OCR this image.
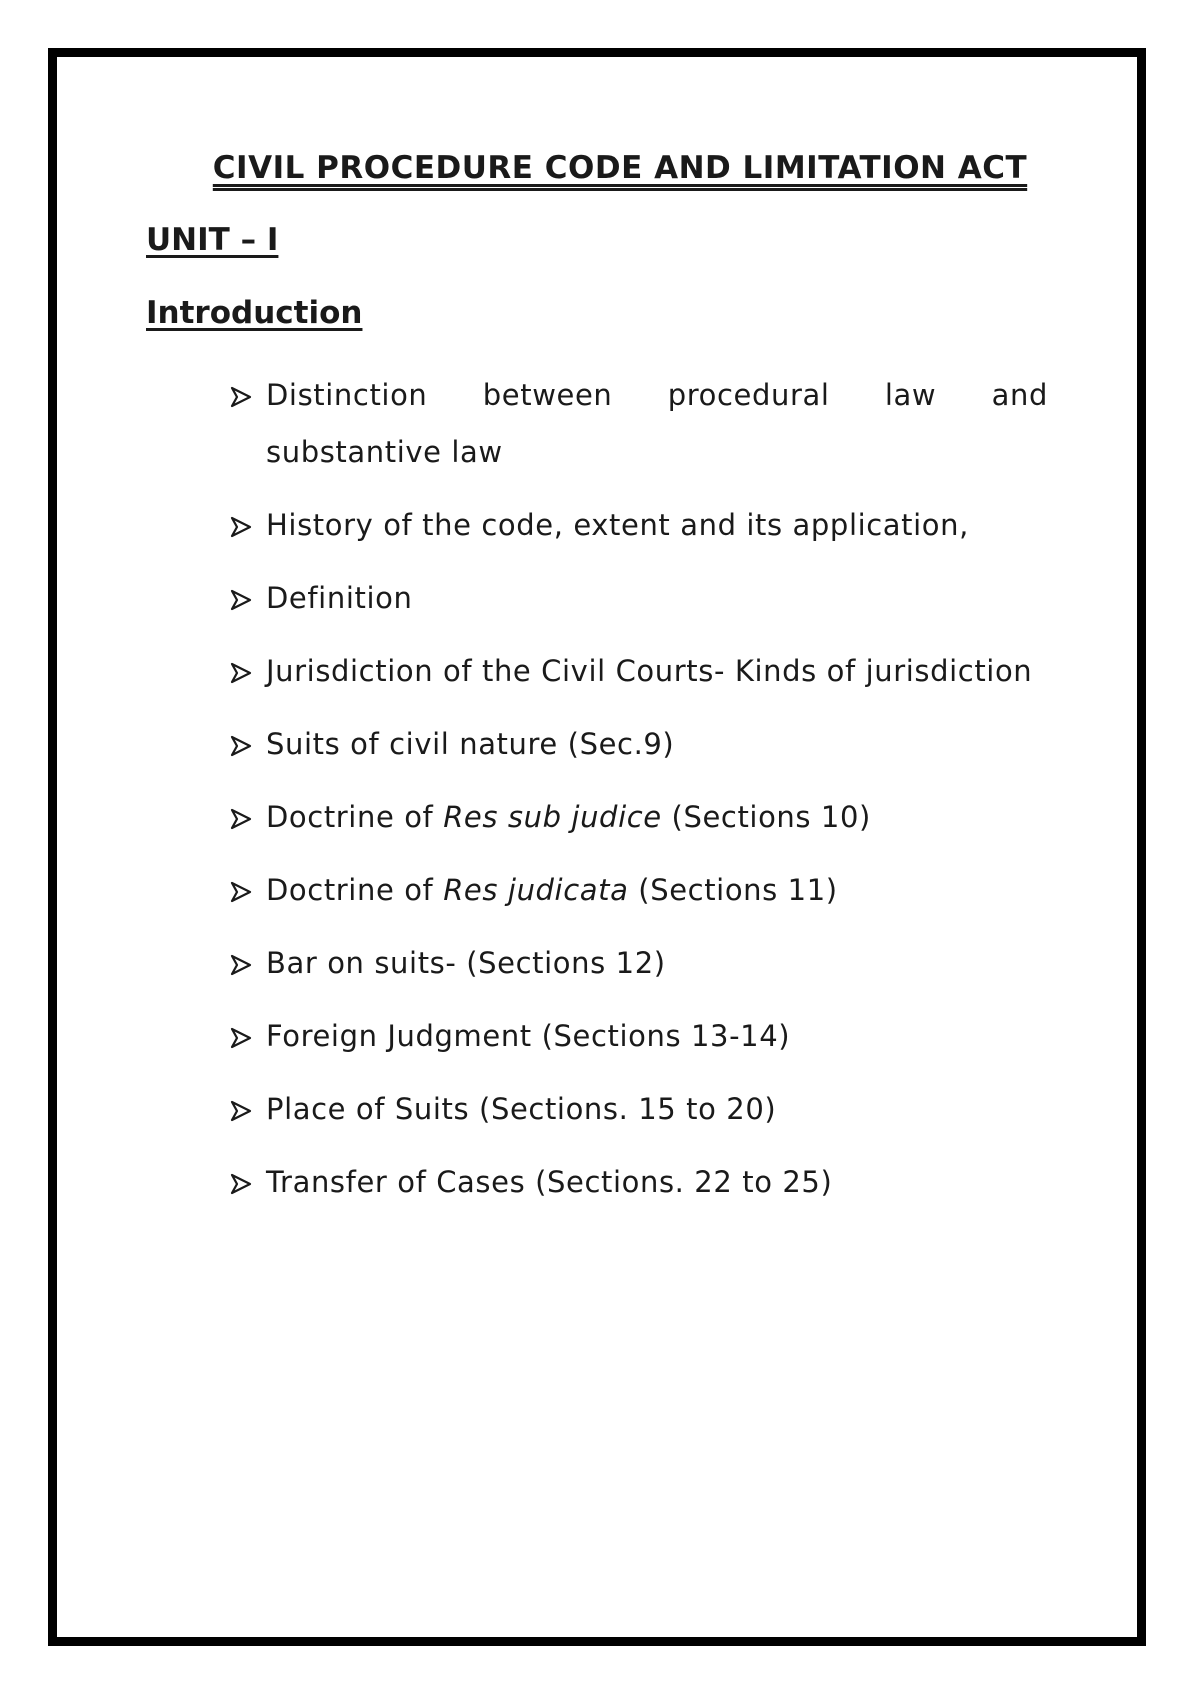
CIVIL PROCEDURE CODE AND LIMITATION ACT
UNIT – I
Introduction
Distinction between procedural law and substantive law
History of the code, extent and its application,
Definition
Jurisdiction of the Civil Courts- Kinds of jurisdiction
Suits of civil nature (Sec.9)
Doctrine of Res sub judice (Sections 10)
Doctrine of Res judicata (Sections 11)
Bar on suits- (Sections 12)
Foreign Judgment (Sections 13-14)
Place of Suits (Sections. 15 to 20)
Transfer of Cases (Sections. 22 to 25)
